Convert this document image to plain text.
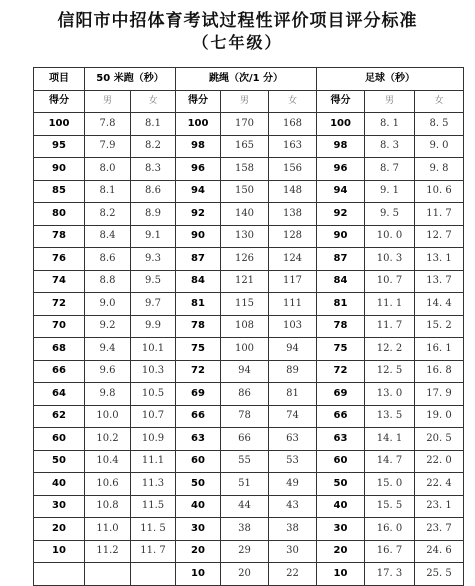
信阳市中招体育考试过程性评价项目评分标准
（七年级）
项目	50 米跑（秒）		跳绳（次/1 分）			足球（秒）		
得分	男	女	得分	男	女	得分	男	女
100	7.8	8.1	100	170	168	100	8. 1	8. 5
95	7.9	8.2	98	165	163	98	8. 3	9. 0
90	8.0	8.3	96	158	156	96	8. 7	9. 8
85	8.1	8.6	94	150	148	94	9. 1	10. 6
80	8.2	8.9	92	140	138	92	9. 5	11. 7
78	8.4	9.1	90	130	128	90	10. 0	12. 7
76	8.6	9.3	87	126	124	87	10. 3	13. 1
74	8.8	9.5	84	121	117	84	10. 7	13. 7
72	9.0	9.7	81	115	111	81	11. 1	14. 4
70	9.2	9.9	78	108	103	78	11. 7	15. 2
68	9.4	10.1	75	100	94	75	12. 2	16. 1
66	9.6	10.3	72	94	89	72	12. 5	16. 8
64	9.8	10.5	69	86	81	69	13. 0	17. 9
62	10.0	10.7	66	78	74	66	13. 5	19. 0
60	10.2	10.9	63	66	63	63	14. 1	20. 5
50	10.4	11.1	60	55	53	60	14. 7	22. 0
40	10.6	11.3	50	51	49	50	15. 0	22. 4
30	10.8	11.5	40	44	43	40	15. 5	23. 1
20	11.0	11. 5	30	38	38	30	16. 0	23. 7
10	11.2	11. 7	20	29	30	20	16. 7	24. 6
			10	20	22	10	17. 3	25. 5
